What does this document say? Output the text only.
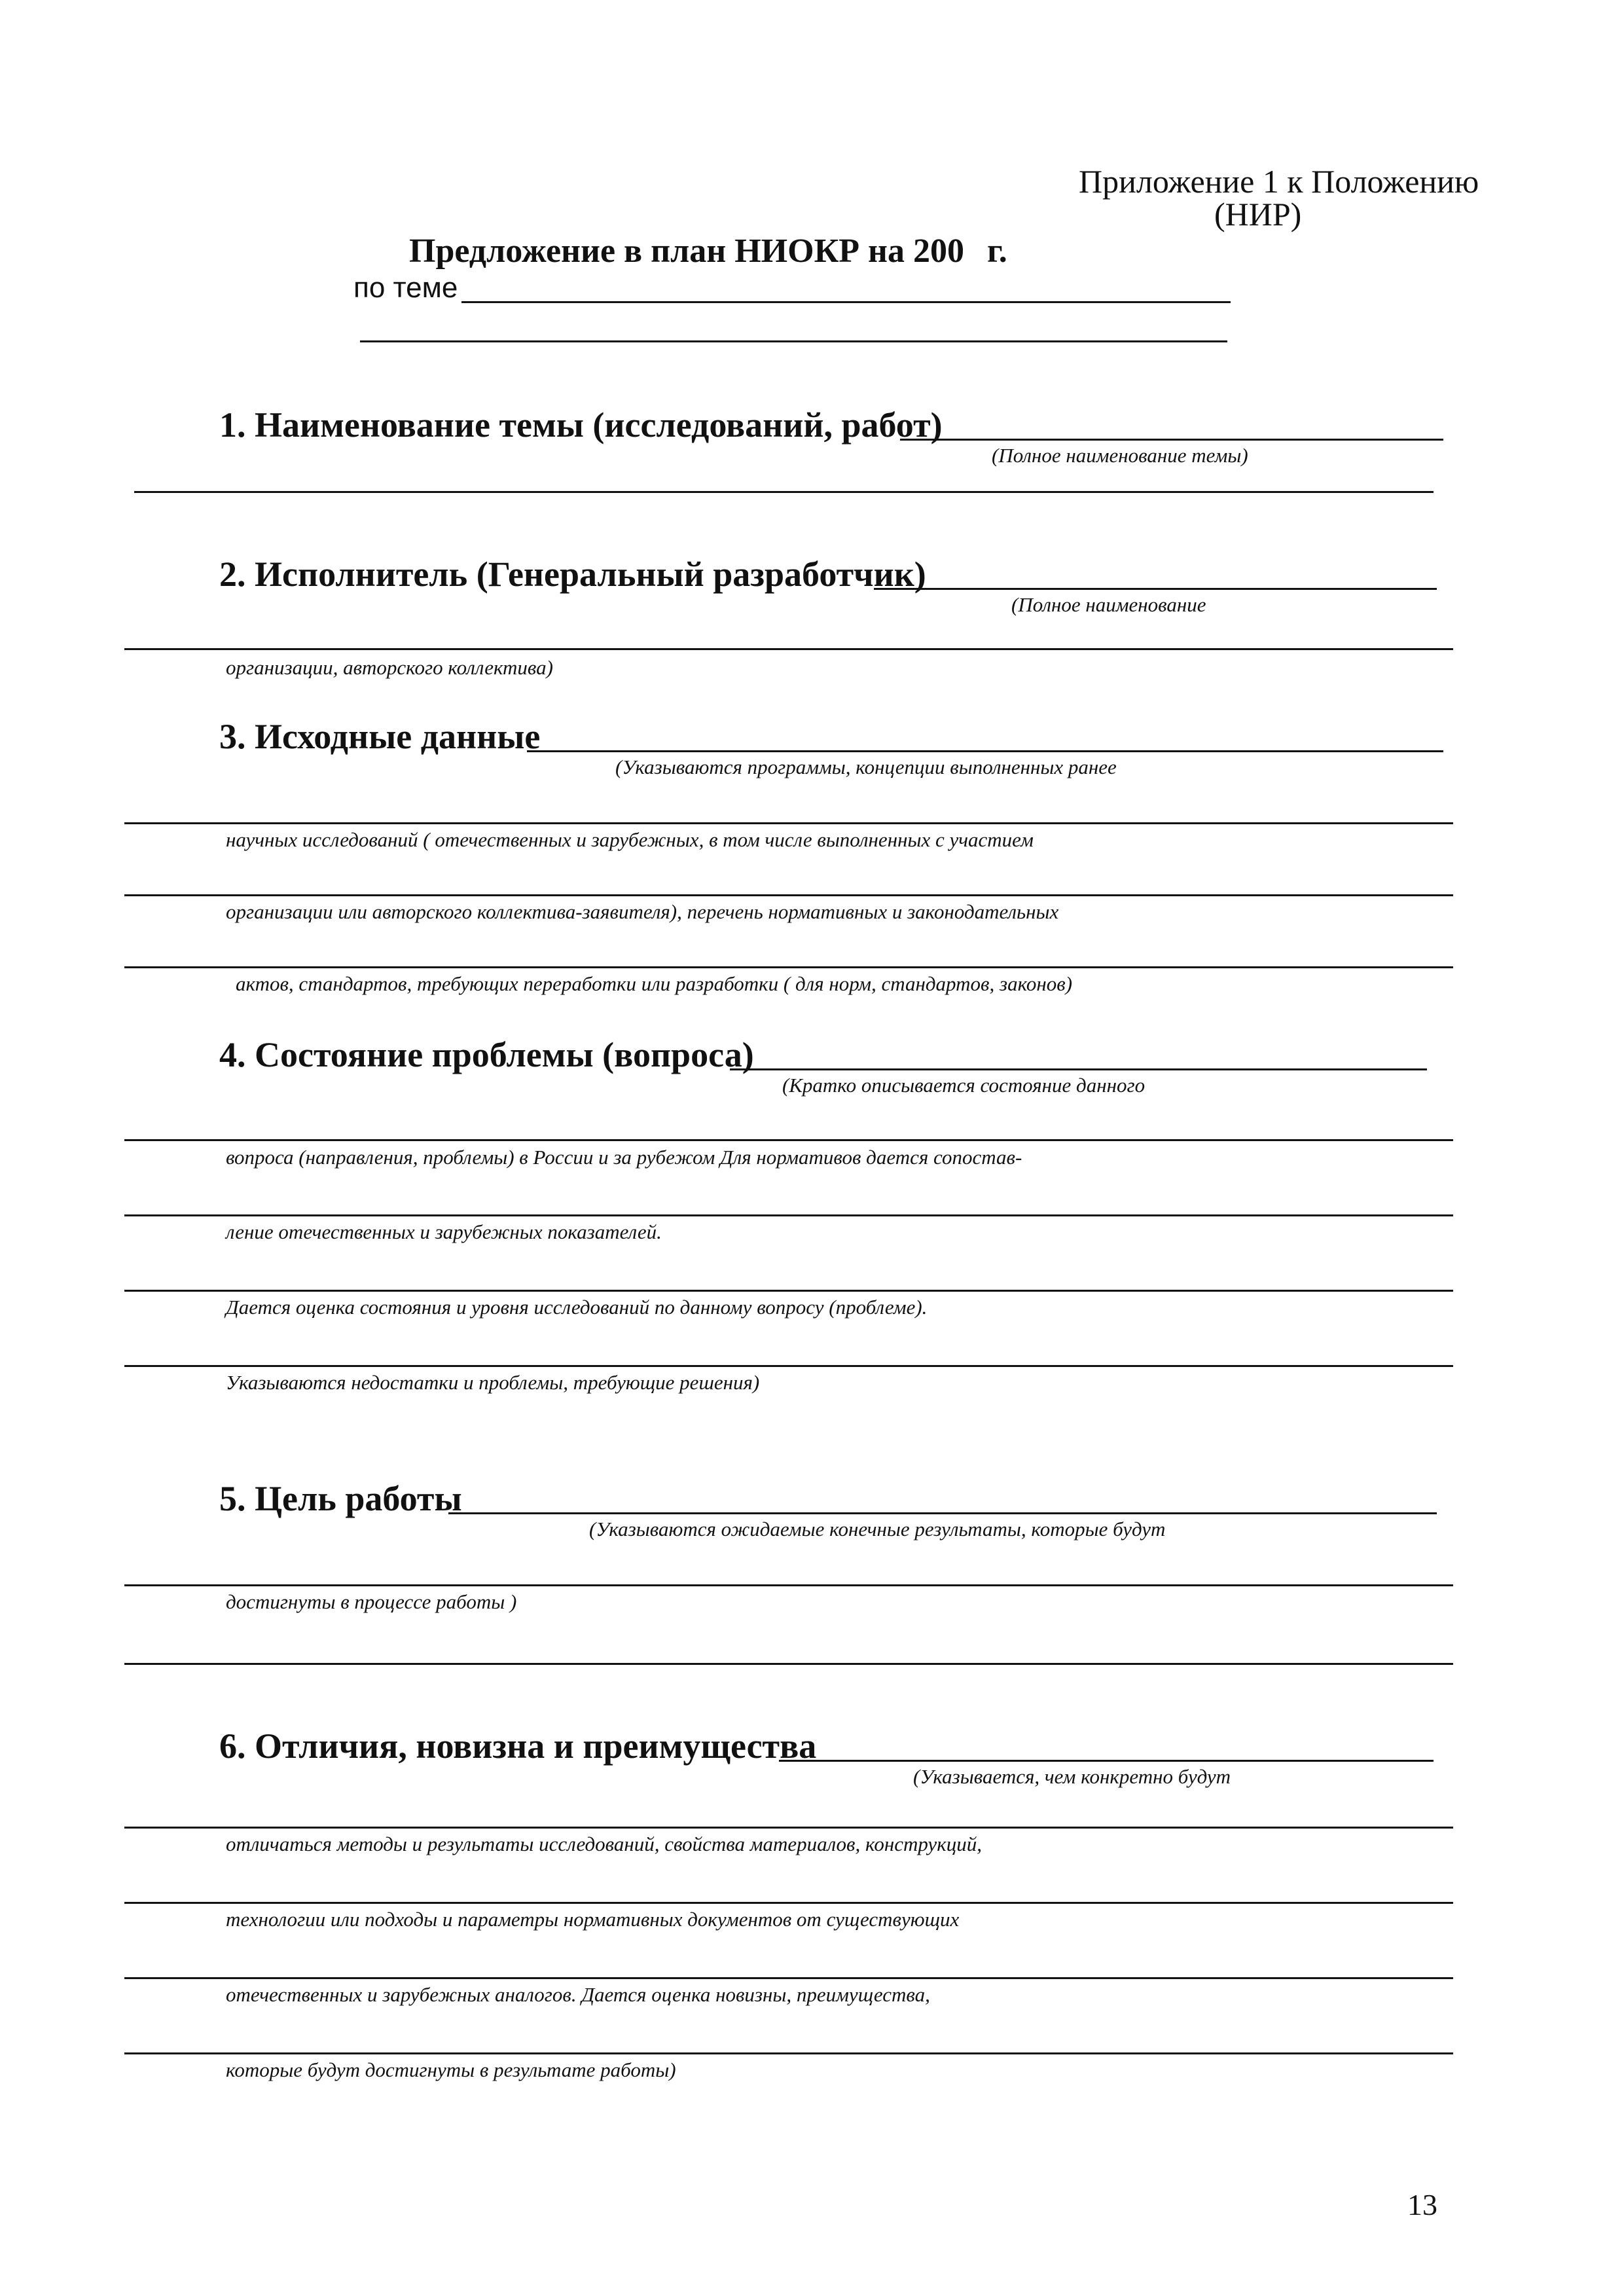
Приложение 1 к Положению
(НИР)
Предложение в план НИОКР на 200 г.
по теме
1. Наименование темы (исследований, работ)
(Полное наименование темы)
2. Исполнитель (Генеральный разработчик)
(Полное наименование
организации, авторского коллектива)
3. Исходные данные
(Указываются программы, концепции выполненных ранее
научных исследований ( отечественных и зарубежных, в том числе выполненных с участием
организации или авторского коллектива-заявителя), перечень нормативных и законодательных
актов, стандартов, требующих переработки или разработки ( для норм, стандартов, законов)
4. Состояние проблемы (вопроса)
(Кратко описывается состояние данного
вопроса (направления, проблемы) в России и за рубежом Для нормативов дается сопостав-
ление отечественных и зарубежных показателей.
Дается оценка состояния и уровня исследований по данному вопросу (проблеме).
Указываются недостатки и проблемы, требующие решения)
5. Цель работы
(Указываются ожидаемые конечные результаты, которые будут
достигнуты в процессе работы )
6. Отличия, новизна и преимущества
(Указывается, чем конкретно будут
отличаться методы и результаты исследований, свойства материалов, конструкций,
технологии или подходы и параметры нормативных документов от существующих
отечественных и зарубежных аналогов. Дается оценка новизны, преимущества,
которые будут достигнуты в результате работы)
13
